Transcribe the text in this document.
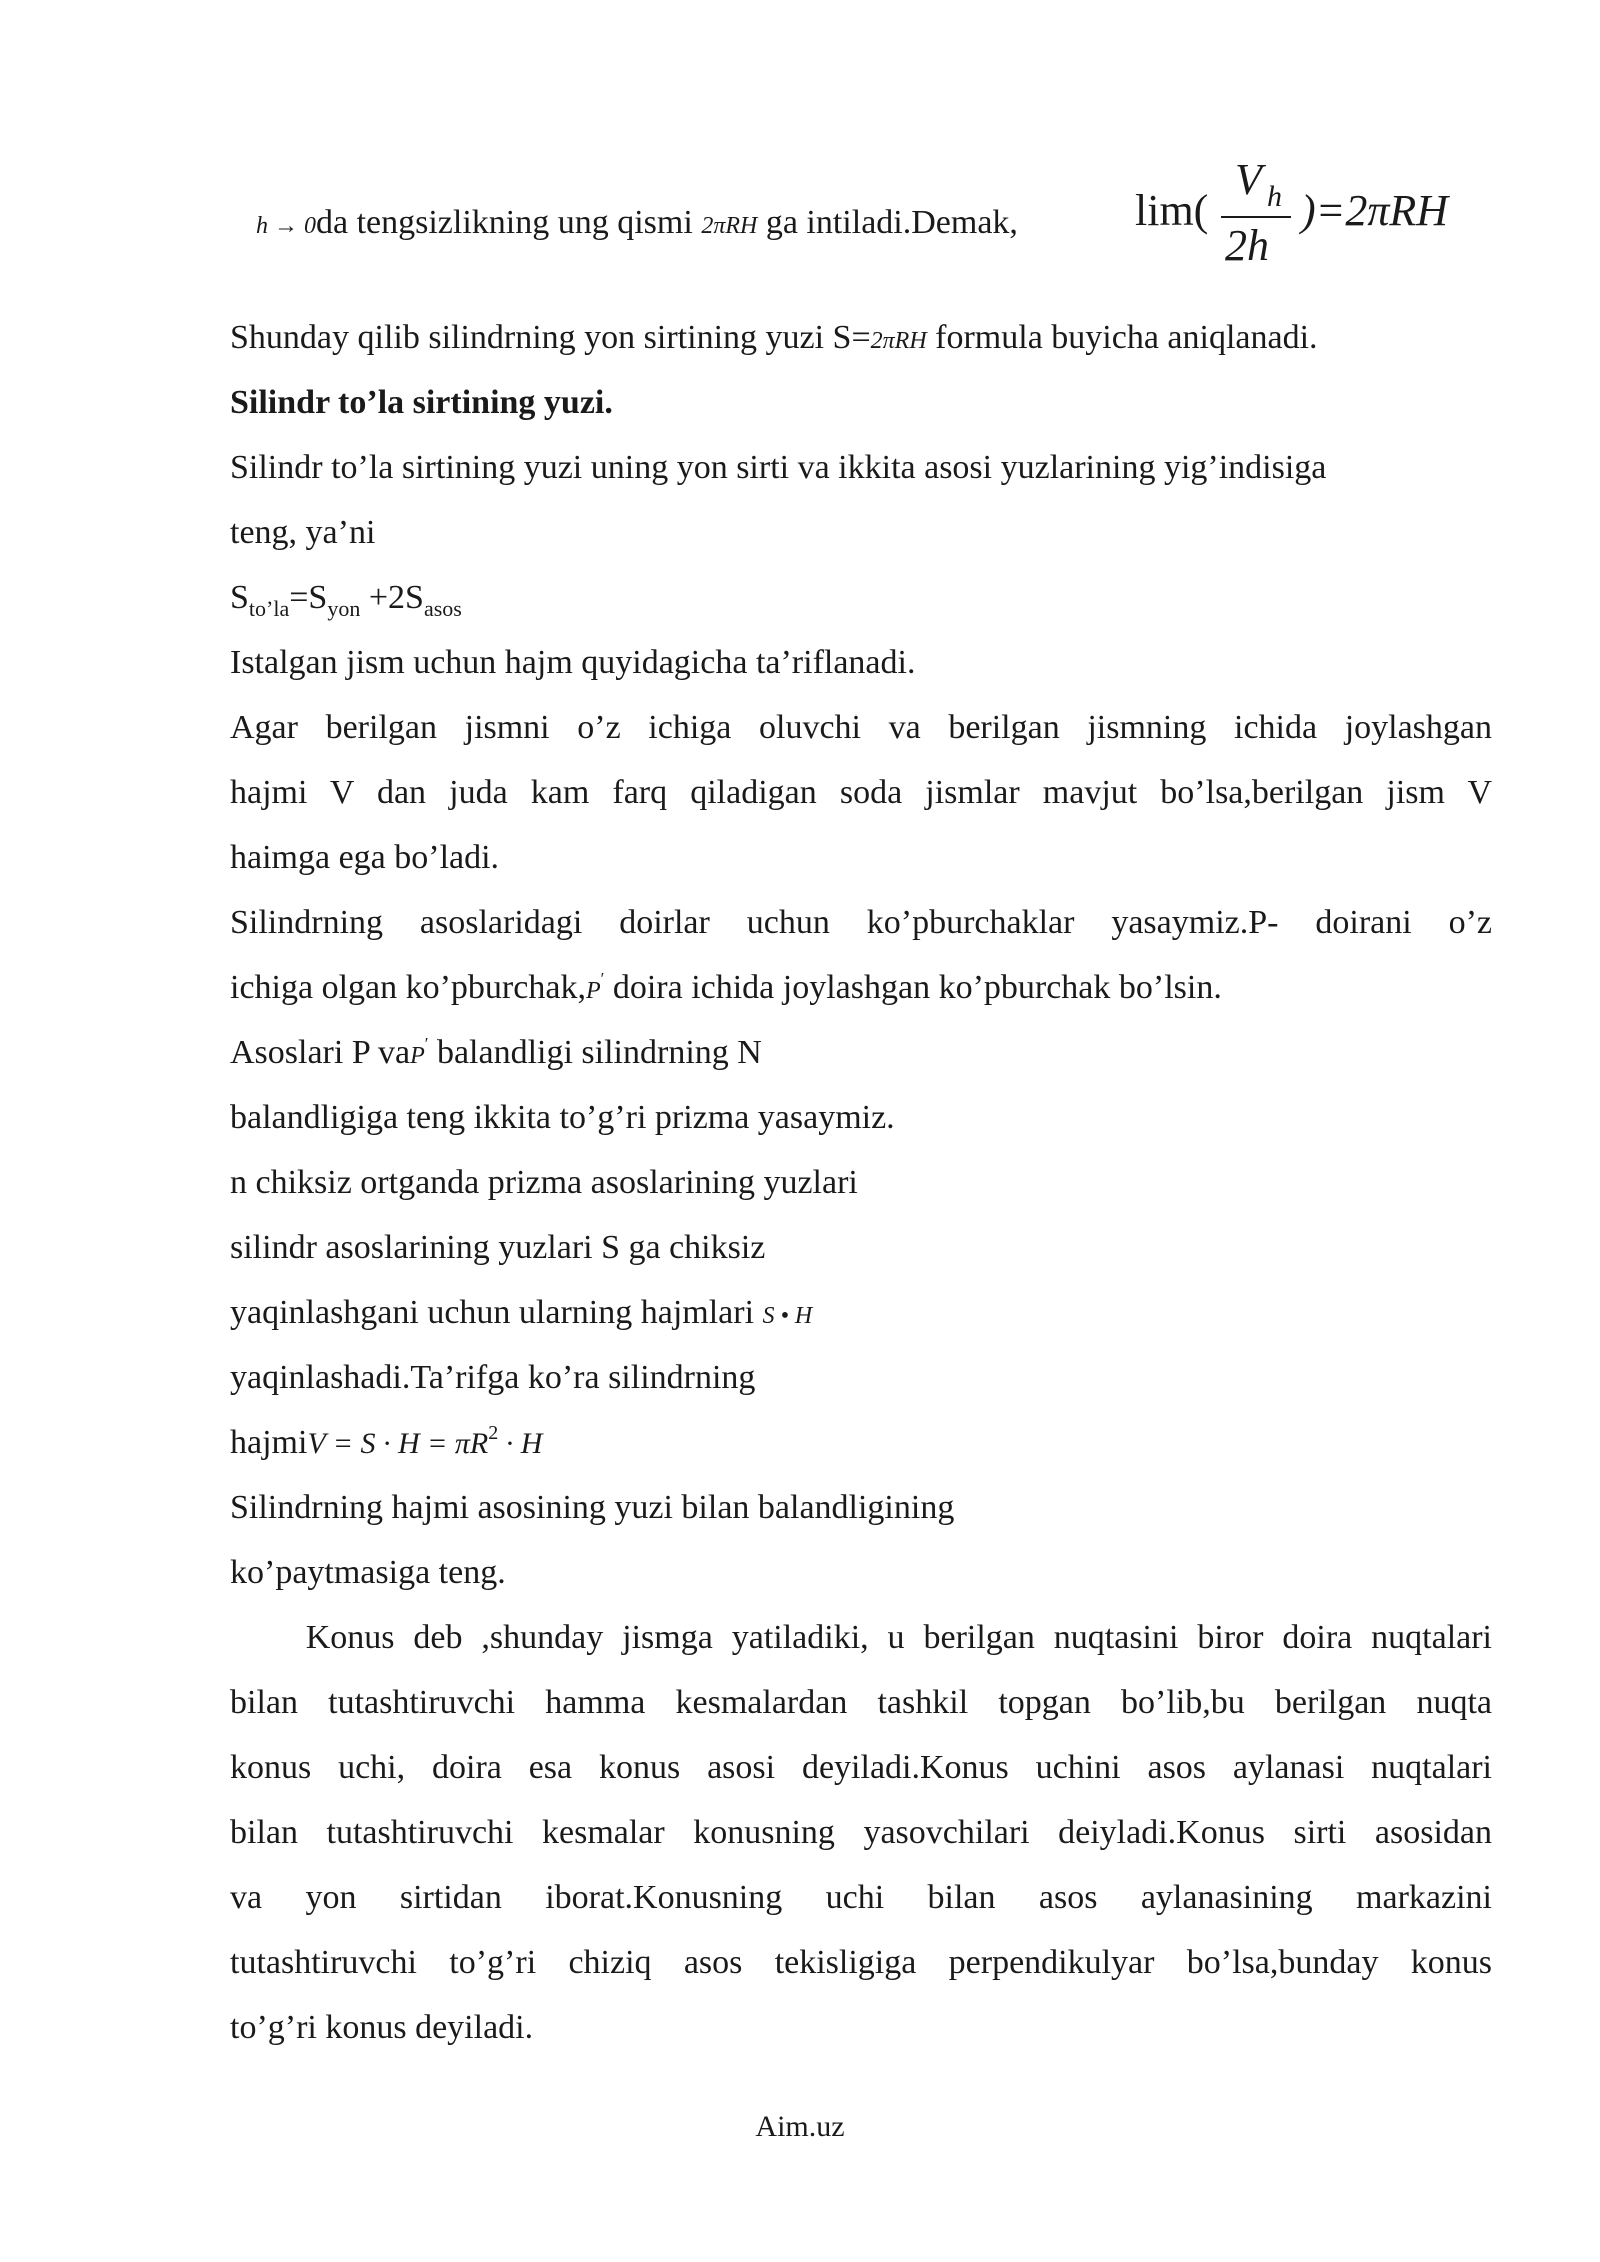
h → 0da tengsizlikning ung qismi 2πRH ga intiladi.Demak,	lim(
V h
2h
)=2πRH
Shunday qilib silindrning yon sirtining yuzi S=2πRH formula buyicha aniqlanadi.
Silindr to’la sirtining yuzi.
Silindr to’la sirtining yuzi uning yon sirti va ikkita asosi yuzlarining yig’indisiga
teng, ya’ni
$S_{to’la}=S_{yon} +2S_{asos}$
Istalgan jism uchun hajm quyidagicha ta’riflanadi.
Agar berilgan jismni o’z ichiga oluvchi va berilgan jismning ichida joylashgan
hajmi V dan juda kam farq qiladigan soda jismlar mavjut bo’lsa,berilgan jism V
haimga ega bo’ladi.
Silindrning asoslaridagi doirlar uchun ko’pburchaklar yasaymiz.P- doirani o’z
ichiga olgan ko’pburchak,P′ doira ichida joylashgan ko’pburchak bo’lsin.
Asoslari P vaP′ balandligi silindrning N
balandligiga teng ikkita to’g’ri prizma yasaymiz.
n chiksiz ortganda prizma asoslarining yuzlari
silindr asoslarining yuzlari S ga chiksiz
yaqinlashgani uchun ularning hajmlari S • H
yaqinlashadi.Ta’rifga ko’ra silindrning
hajmiV = $S \cdot H = \pi R^2 \cdot H$
Silindrning hajmi asosining yuzi bilan balandligining
ko’paytmasiga teng.
Konus deb ,shunday jismga yatiladiki, u berilgan nuqtasini biror doira nuqtalari
bilan tutashtiruvchi hamma kesmalardan tashkil topgan bo’lib,bu berilgan nuqta
konus uchi, doira esa konus asosi deyiladi.Konus uchini asos aylanasi nuqtalari
bilan tutashtiruvchi kesmalar konusning yasovchilari deiyladi.Konus sirti asosidan
va yon sirtidan iborat.Konusning uchi bilan asos aylanasining markazini
tutashtiruvchi to’g’ri chiziq asos tekisligiga perpendikulyar bo’lsa,bunday konus
to’g’ri konus deyiladi.
Aim.uz
